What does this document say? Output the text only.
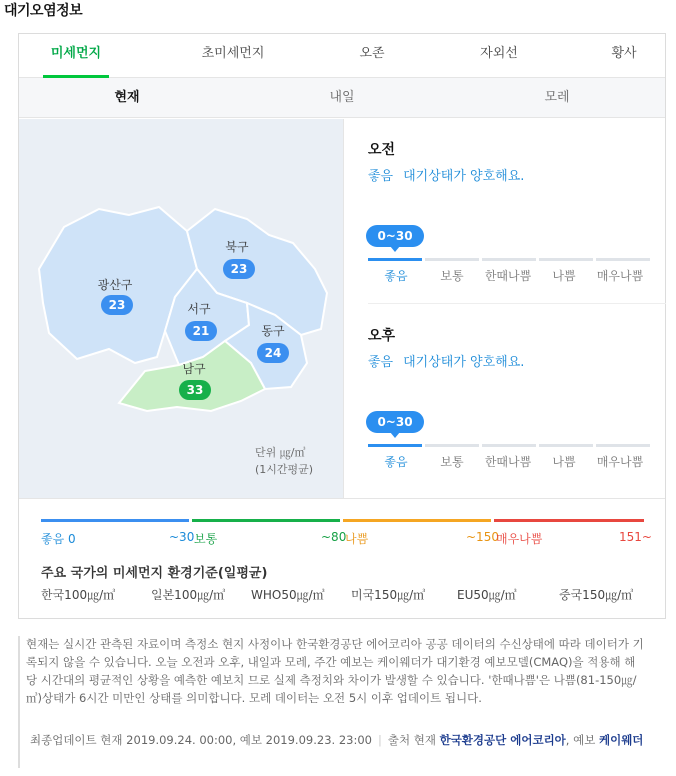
대기오염정보
미세먼지	초미세먼지	오존	자외선	황사
현재	내일	모레
광산구
23
북구
23
서구
21	동구
24
남구
33
단위 ㎍/㎥
(1시간평균)
오전
좋음 대기상태가 양호해요.
0~30
좋음	보통	한때나쁨	나쁨	매우나쁨
오후
좋음 대기상태가 양호해요.
0~30
좋음	보통	한때나쁨	나쁨	매우나쁨
좋음 0	~30 보통	~80
나쁨	~150
매우나쁨	151~
주요 국가의 미세먼지 환경기준(일평균)
한국100㎍/㎥	일본100㎍/㎥ WHO50㎍/㎥ 미국150㎍/㎥	EU50㎍/㎥	중국150㎍/㎥
현재는 실시간 관측된 자료이며 측정소 현지 사정이나 한국환경공단 에어코리아 공공 데이터의 수신상태에 따라 데이터가 기록되지 않을 수 있습니다. 오늘 오전과 오후, 내일과 모레, 주간 예보는 케이웨더가 대기환경 예보모델(CMAQ)을 적용해 해당 시간대의 평균적인 상황을 예측한 예보치 므로 실제 측정치와 차이가 발생할 수 있습니다. '한때나쁨'은 나쁨(81-150㎍/㎥)상태가 6시간 미만인 상태를 의미합니다. 모레 데이터는 오전 5시 이후 업데이트 됩니다.
최종업데이트 현재 2019.09.24. 00:00, 예보 2019.09.23. 23:00 | 출처 현재 한국환경공단 에어코리아, 예보 케이웨더
